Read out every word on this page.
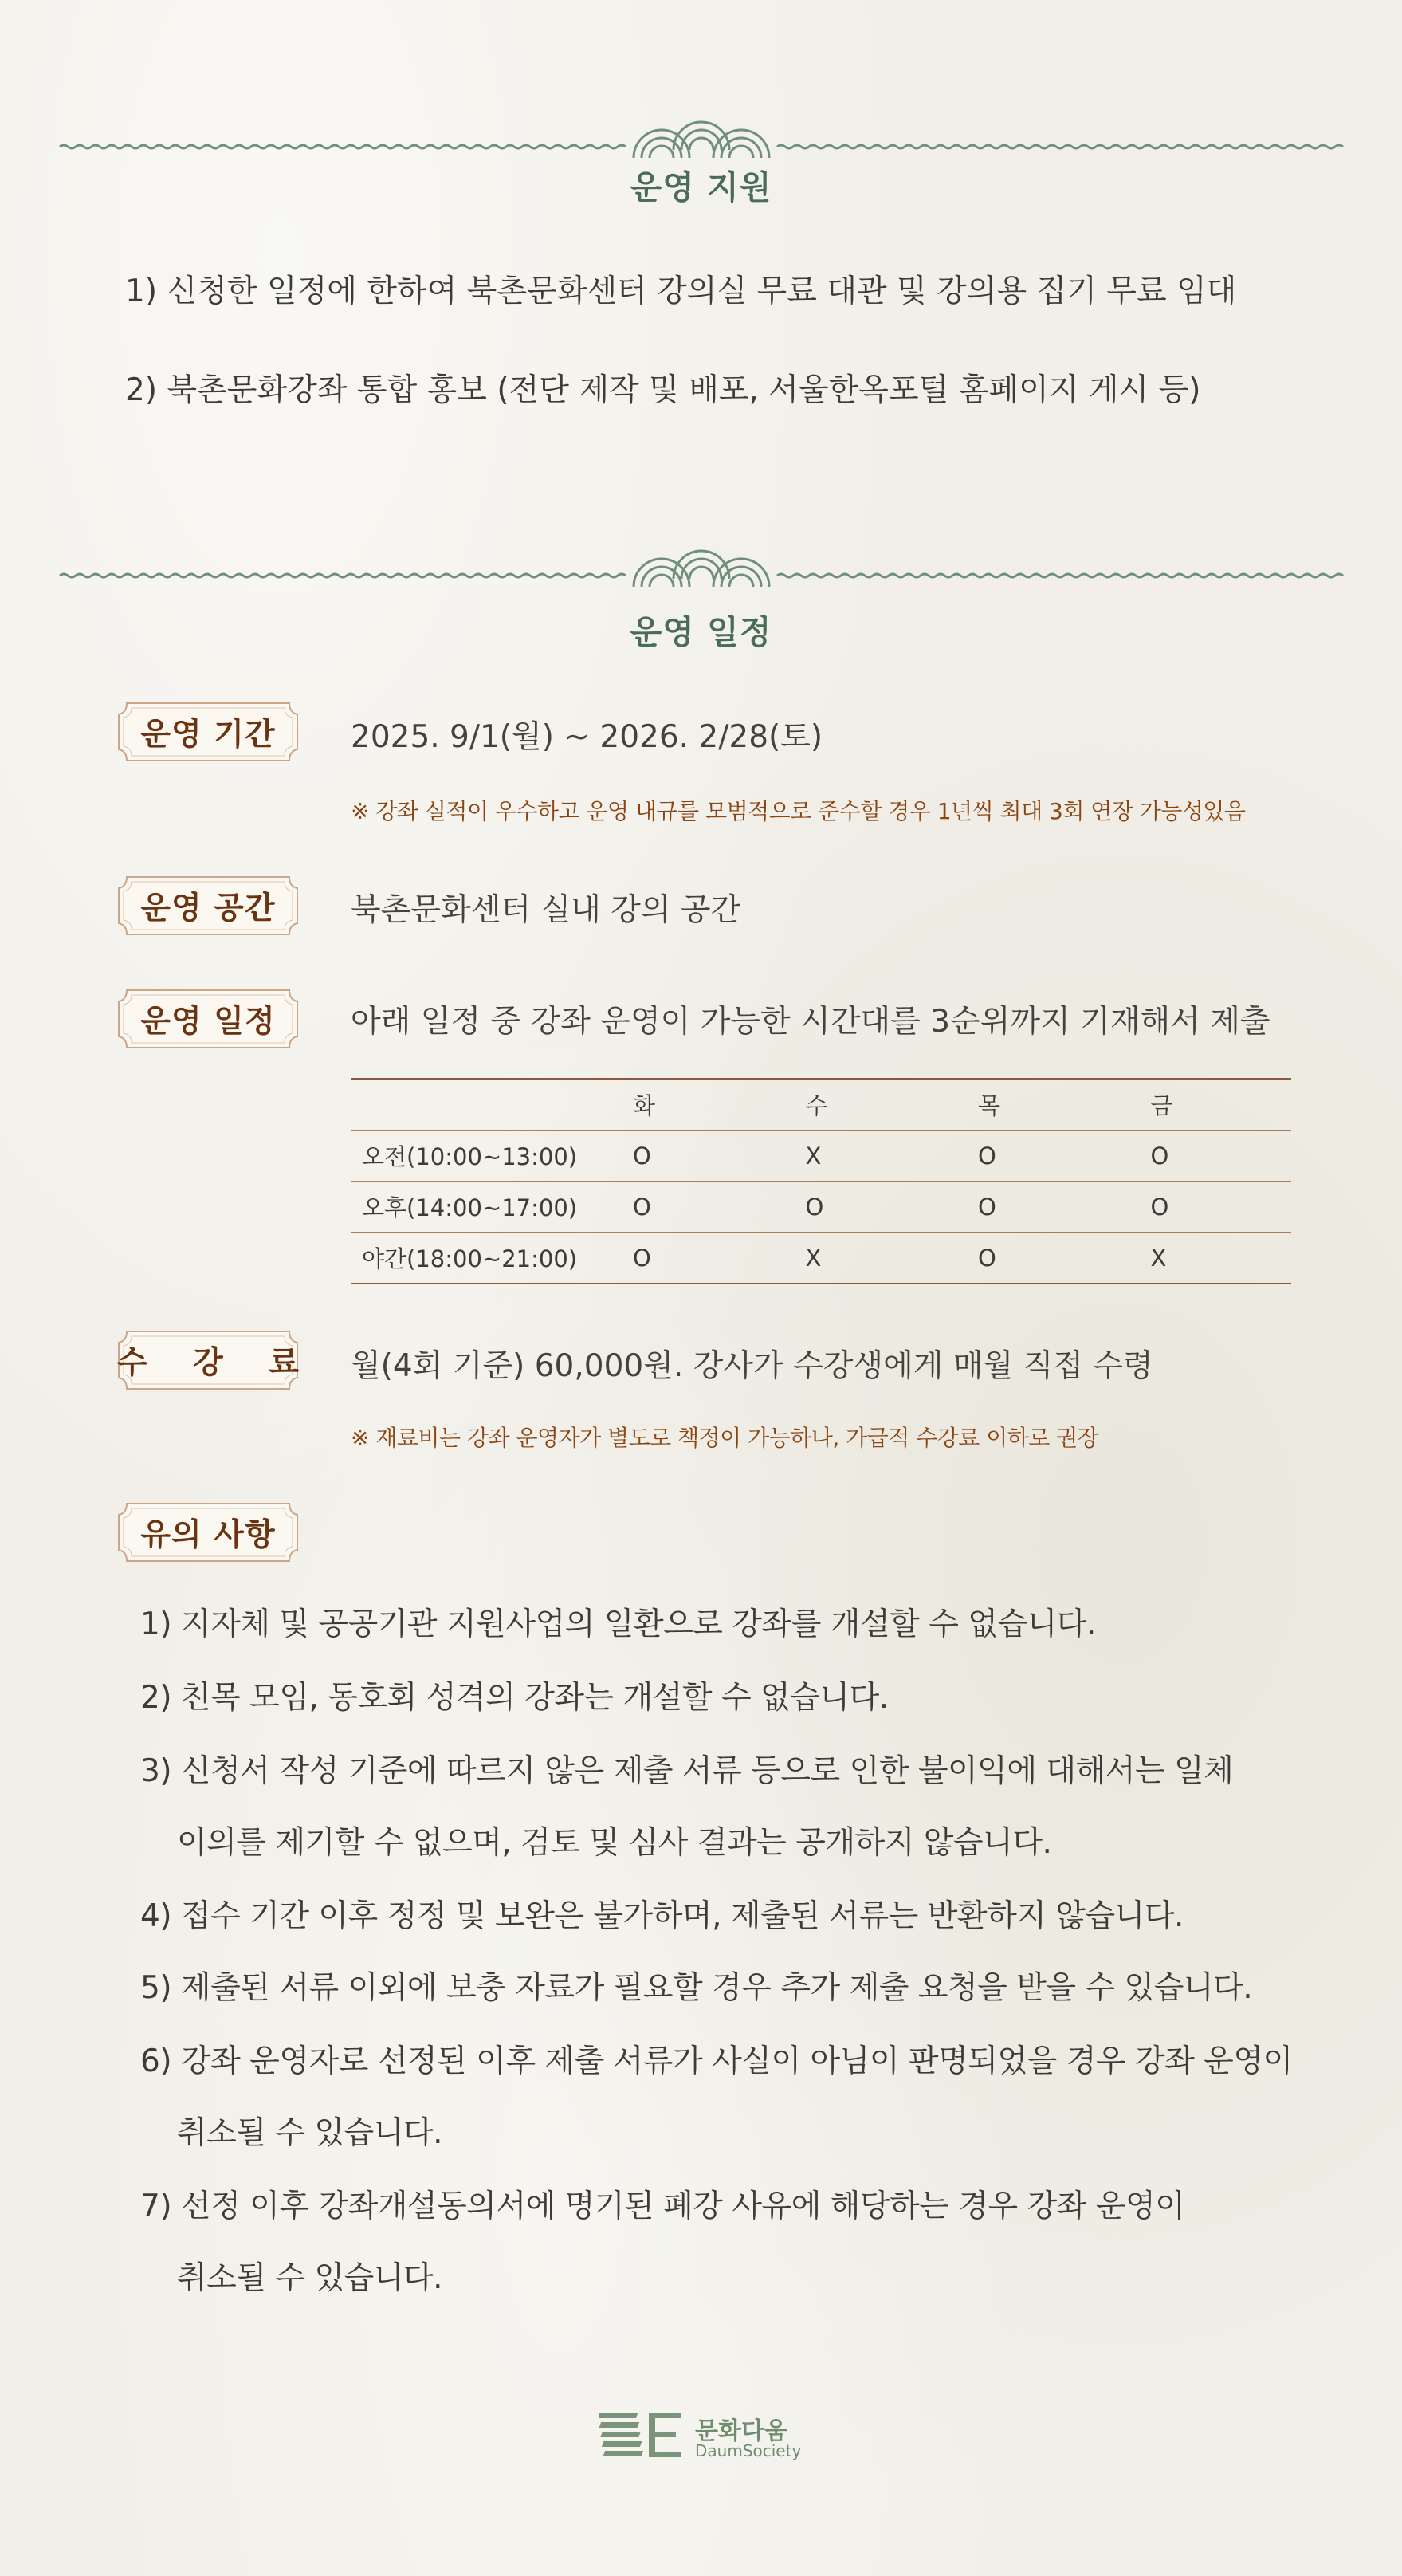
운영 지원
1) 신청한 일정에 한하여 북촌문화센터 강의실 무료 대관 및 강의용 집기 무료 임대
2) 북촌문화강좌 통합 홍보 (전단 제작 및 배포, 서울한옥포털 홈페이지 게시 등)
운영 일정
운영 기간	2025. 9/1(월) ~ 2026. 2/28(토)
※ 강좌 실적이 우수하고 운영 내규를 모범적으로 준수할 경우 1년씩 최대 3회 연장 가능성있음
운영 공간	북촌문화센터 실내 강의 공간
운영 일정	아래 일정 중 강좌 운영이 가능한 시간대를 3순위까지 기재해서 제출
	화	수	목	금
오전(10:00~13:00)	O	X	O	O
오후(14:00~17:00)	O	O	O	O
야간(18:00~21:00)	O	X	O	X
수 강 료 월(4회 기준) 60,000원. 강사가 수강생에게 매월 직접 수령
※ 재료비는 강좌 운영자가 별도로 책정이 가능하나, 가급적 수강료 이하로 권장
유의 사항
1) 지자체 및 공공기관 지원사업의 일환으로 강좌를 개설할 수 없습니다.
2) 친목 모임, 동호회 성격의 강좌는 개설할 수 없습니다.
3) 신청서 작성 기준에 따르지 않은 제출 서류 등으로 인한 불이익에 대해서는 일체
이의를 제기할 수 없으며, 검토 및 심사 결과는 공개하지 않습니다.
4) 접수 기간 이후 정정 및 보완은 불가하며, 제출된 서류는 반환하지 않습니다.
5) 제출된 서류 이외에 보충 자료가 필요할 경우 추가 제출 요청을 받을 수 있습니다.
6) 강좌 운영자로 선정된 이후 제출 서류가 사실이 아님이 판명되었을 경우 강좌 운영이
취소될 수 있습니다.
7) 선정 이후 강좌개설동의서에 명기된 폐강 사유에 해당하는 경우 강좌 운영이
취소될 수 있습니다.
문화다움
DaumSociety
